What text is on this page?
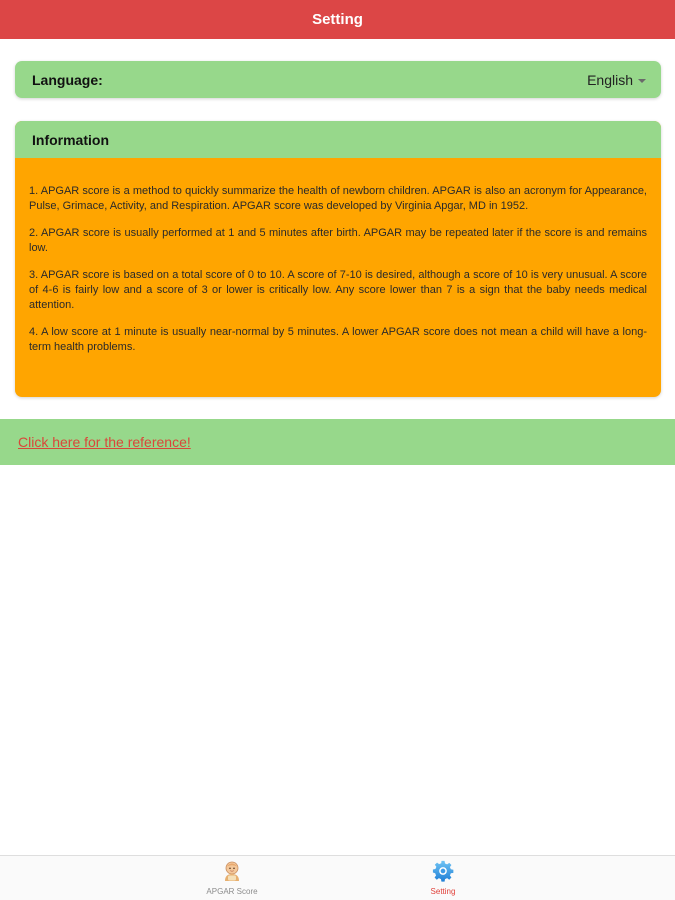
Setting
Language:	English
Information

1. APGAR score is a method to quickly summarize the health of newborn children. APGAR is also an acronym for Appearance, Pulse, Grimace, Activity, and Respiration. APGAR score was developed by Virginia Apgar, MD in 1952.

2. APGAR score is usually performed at 1 and 5 minutes after birth. APGAR may be repeated later if the score is and remains low.

3. APGAR score is based on a total score of 0 to 10. A score of 7-10 is desired, although a score of 10 is very unusual. A score of 4-6 is fairly low and a score of 3 or lower is critically low. Any score lower than 7 is a sign that the baby needs medical attention.

4. A low score at 1 minute is usually near-normal by 5 minutes. A lower APGAR score does not mean a child will have a long-term health problems.

Click here for the reference!
APGAR Score	Setting
